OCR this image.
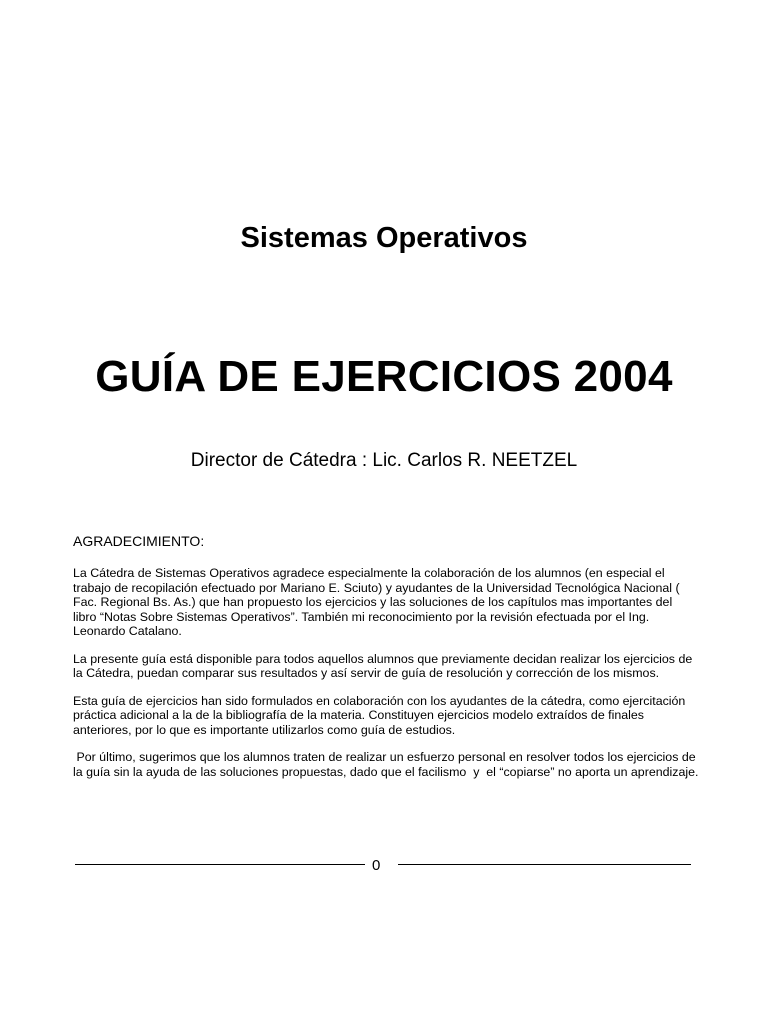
Sistemas Operativos
GUÍA DE EJERCICIOS 2004
Director de Cátedra : Lic. Carlos R. NEETZEL
AGRADECIMIENTO:

La Cátedra de Sistemas Operativos agradece especialmente la colaboración de los alumnos (en especial el trabajo de recopilación efectuado por Mariano E. Sciuto) y ayudantes de la Universidad Tecnológica Nacional ( Fac. Regional Bs. As.) que han propuesto los ejercicios y las soluciones de los capítulos mas importantes del libro “Notas Sobre Sistemas Operativos”. También mi reconocimiento por la revisión efectuada por el Ing. Leonardo Catalano.

La presente guía está disponible para todos aquellos alumnos que previamente decidan realizar los ejercicios de la Cátedra, puedan comparar sus resultados y así servir de guía de resolución y corrección de los mismos.

Esta guía de ejercicios han sido formulados en colaboración con los ayudantes de la cátedra, como ejercitación práctica adicional a la de la bibliografía de la materia. Constituyen ejercicios modelo extraídos de finales anteriores, por lo que es importante utilizarlos como guía de estudios.

Por último, sugerimos que los alumnos traten de realizar un esfuerzo personal en resolver todos los ejercicios de la guía sin la ayuda de las soluciones propuestas, dado que el facilismo  y  el “copiarse” no aporta un aprendizaje.

0
